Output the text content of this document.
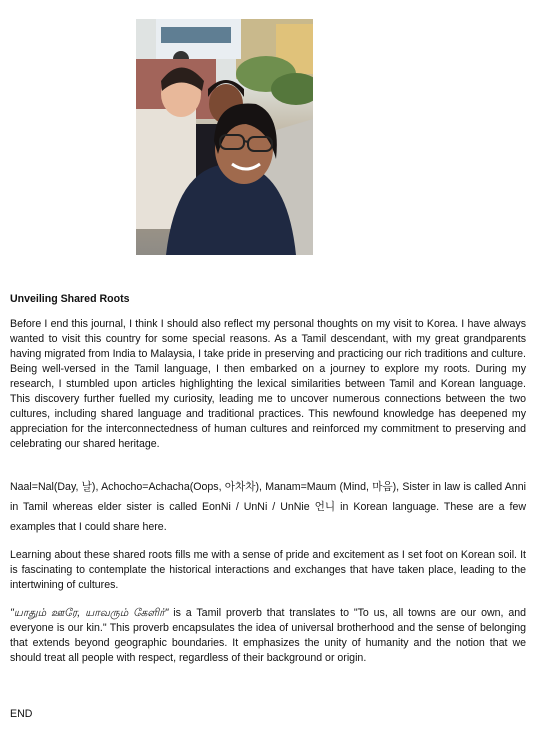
Unveiling Shared Roots

Before I end this journal, I think I should also reflect my personal thoughts on my visit to Korea. I have always wanted to visit this country for some special reasons. As a Tamil descendant, with my great grandparents having migrated from India to Malaysia, I take pride in preserving and practicing our rich traditions and culture. Being well-versed in the Tamil language, I then embarked on a journey to explore my roots. During my research, I stumbled upon articles highlighting the lexical similarities between Tamil and Korean language. This discovery further fuelled my curiosity, leading me to uncover numerous connections between the two cultures, including shared language and traditional practices. This newfound knowledge has deepened my appreciation for the interconnectedness of human cultures and reinforced my commitment to preserving and celebrating our shared heritage.

Naal=Nal(Day, 날), Achocho=Achacha(Oops, 아차차), Manam=Maum (Mind, 마음), Sister in law is called Anni in Tamil whereas elder sister is called EonNi / UnNi / UnNie 언니 in Korean language. These are a few examples that I could share here.

Learning about these shared roots fills me with a sense of pride and excitement as I set foot on Korean soil. It is fascinating to contemplate the historical interactions and exchanges that have taken place, leading to the intertwining of cultures.

"யாதும் ஊரே, யாவரும் கேளிர்" is a Tamil proverb that translates to "To us, all towns are our own, and everyone is our kin." This proverb encapsulates the idea of universal brotherhood and the sense of belonging that extends beyond geographic boundaries. It emphasizes the unity of humanity and the notion that we should treat all people with respect, regardless of their background or origin.

END
